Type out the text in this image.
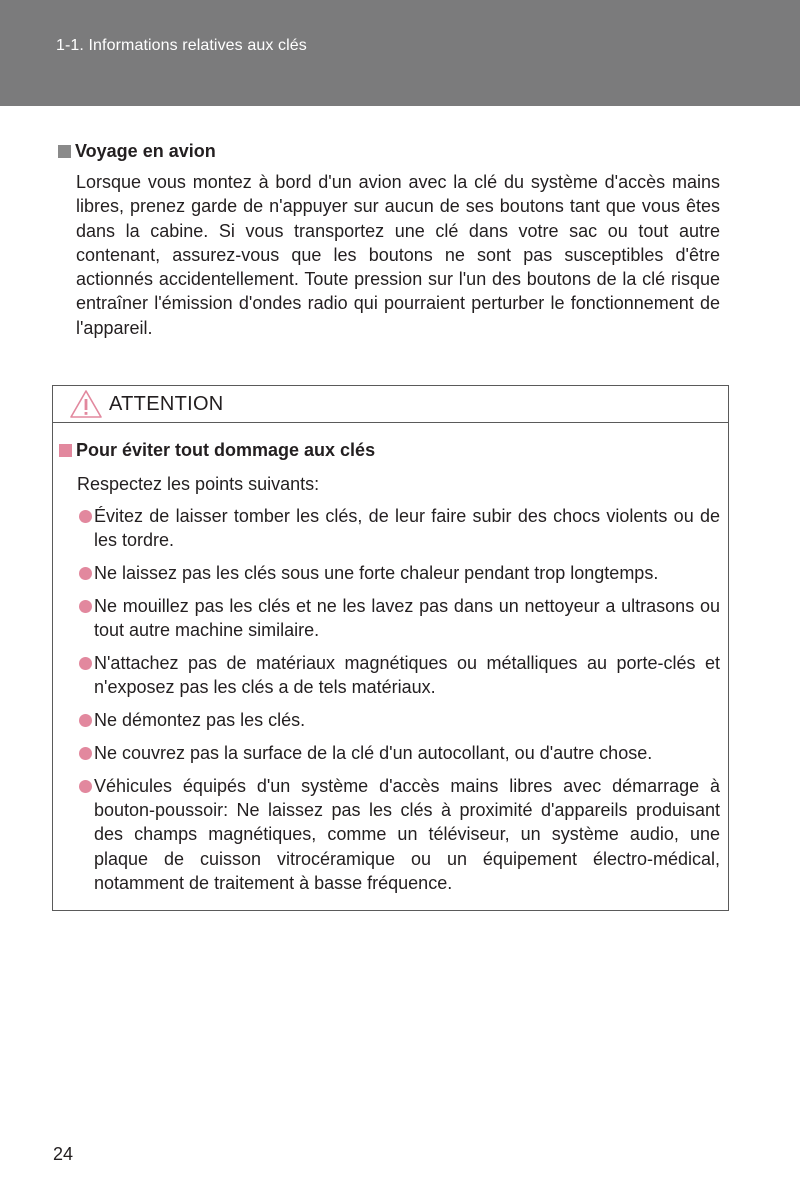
1-1. Informations relatives aux clés
Voyage en avion

Lorsque vous montez à bord d'un avion avec la clé du système d'accès mains libres, prenez garde de n'appuyer sur aucun de ses boutons tant que vous êtes dans la cabine. Si vous transportez une clé dans votre sac ou tout autre contenant, assurez-vous que les boutons ne sont pas susceptibles d'être actionnés accidentellement. Toute pression sur l'un des boutons de la clé risque entraîner l'émission d'ondes radio qui pourraient perturber le fonctionnement de l'appareil.

ATTENTION
Pour éviter tout dommage aux clés
Respectez les points suivants:
Évitez de laisser tomber les clés, de leur faire subir des chocs violents ou de les tordre.
Ne laissez pas les clés sous une forte chaleur pendant trop longtemps.
Ne mouillez pas les clés et ne les lavez pas dans un nettoyeur a ultrasons ou tout autre machine similaire.
N'attachez pas de matériaux magnétiques ou métalliques au porte-clés et n'exposez pas les clés a de tels matériaux.
Ne démontez pas les clés.
Ne couvrez pas la surface de la clé d'un autocollant, ou d'autre chose.
Véhicules équipés d'un système d'accès mains libres avec démarrage à bouton-poussoir: Ne laissez pas les clés à proximité d'appareils produisant des champs magnétiques, comme un téléviseur, un système audio, une plaque de cuisson vitrocéramique ou un équipement électro-médical, notamment de traitement à basse fréquence.
24
